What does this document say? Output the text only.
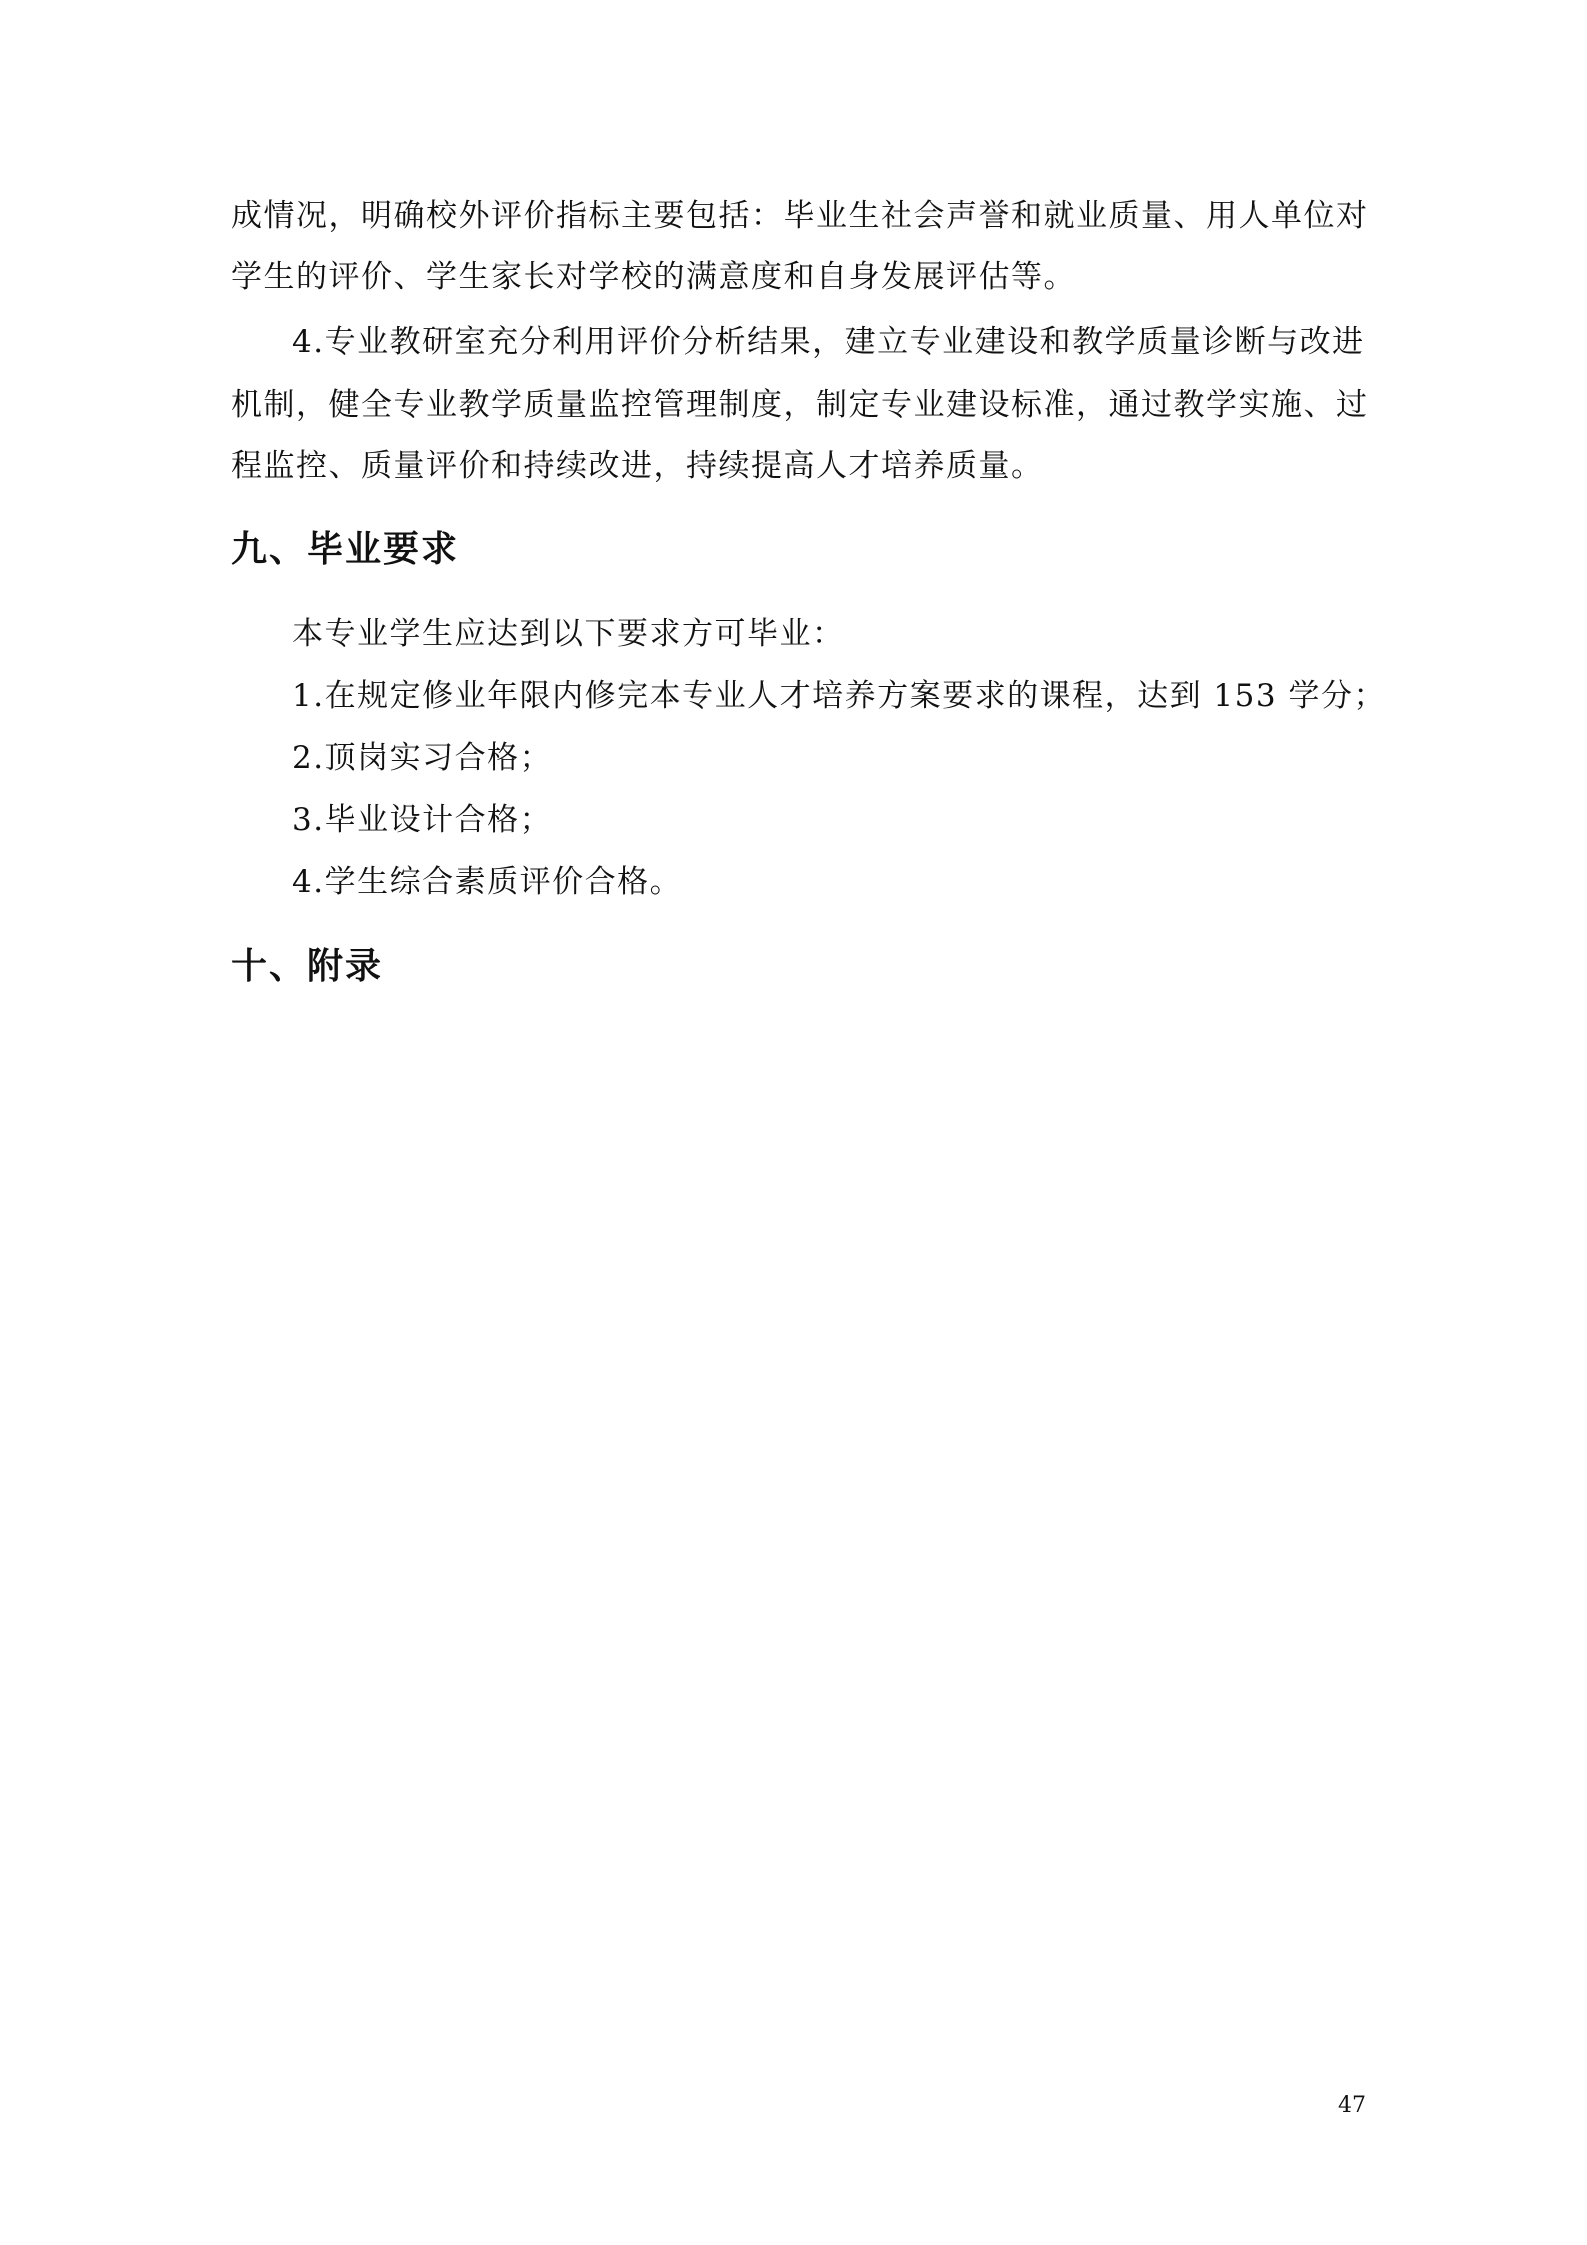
成情况，明确校外评价指标主要包括：毕业生社会声誉和就业质量、用人单位对
学生的评价、学生家长对学校的满意度和自身发展评估等。
4.专业教研室充分利用评价分析结果，建立专业建设和教学质量诊断与改进
机制，健全专业教学质量监控管理制度，制定专业建设标准，通过教学实施、过
程监控、质量评价和持续改进，持续提高人才培养质量。
九、毕业要求
本专业学生应达到以下要求方可毕业：
1.在规定修业年限内修完本专业人才培养方案要求的课程，达到 153 学分；
2.顶岗实习合格；
3.毕业设计合格；
4.学生综合素质评价合格。
十、附录
47
